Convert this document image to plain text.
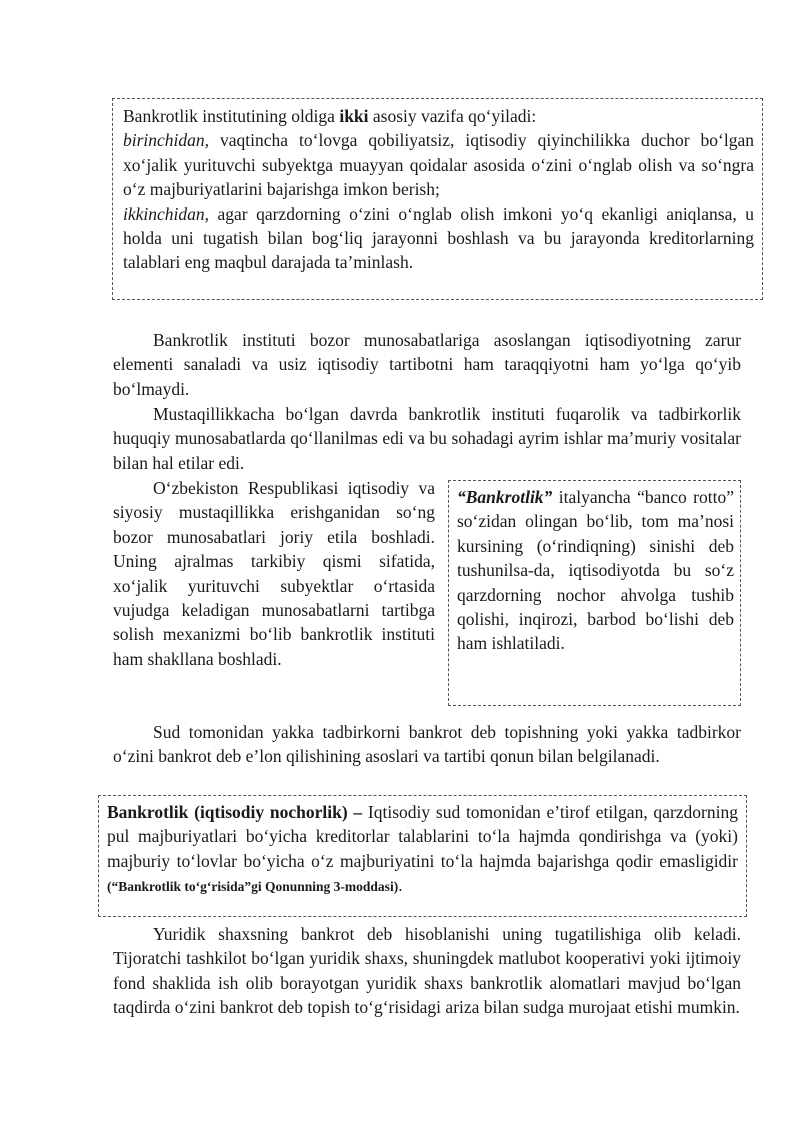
Bankrotlik institutining oldiga ikki asosiy vazifa qo‘yiladi:
birinchidan, vaqtincha to‘lovga qobiliyatsiz, iqtisodiy qiyinchilikka duchor bo‘lgan xo‘jalik yurituvchi subyektga muayyan qoidalar asosida o‘zini o‘nglab olish va so‘ngra o‘z majburiyatlarini bajarishga imkon berish;
ikkinchidan, agar qarzdorning o‘zini o‘nglab olish imkoni yo‘q ekanligi aniqlansa, u holda uni tugatish bilan bog‘liq jarayonni boshlash va bu jarayonda kreditorlarning talablari eng maqbul darajada ta’minlash.

Bankrotlik instituti bozor munosabatlariga asoslangan iqtisodiyotning zarur elementi sanaladi va usiz iqtisodiy tartibotni ham taraqqiyotni ham yo‘lga qo‘yib bo‘lmaydi.

Mustaqillikkacha bo‘lgan davrda bankrotlik instituti fuqarolik va tadbirkorlik huquqiy munosabatlarda qo‘llanilmas edi va bu sohadagi ayrim ishlar ma’muriy vositalar bilan hal etilar edi.

O‘zbekiston Respublikasi iqtisodiy va siyosiy mustaqillikka erishganidan so‘ng bozor munosabatlari joriy etila boshladi. Uning ajralmas tarkibiy qismi sifatida, xo‘jalik yurituvchi subyektlar o‘rtasida vujudga keladigan munosabatlarni tartibga solish mexanizmi bo‘lib bankrotlik instituti ham shakllana boshladi.

“Bankrotlik” italyancha “banco rotto” so‘zidan olingan bo‘lib, tom ma’nosi kursining (o‘rindiqning) sinishi deb tushunilsa-da, iqtisodiyotda bu so‘z qarzdorning nochor ahvolga tushib qolishi, inqirozi, barbod bo‘lishi deb ham ishlatiladi.

Sud tomonidan yakka tadbirkorni bankrot deb topishning yoki yakka tadbirkor o‘zini bankrot deb e’lon qilishining asoslari va tartibi qonun bilan belgilanadi.

Bankrotlik (iqtisodiy nochorlik) – Iqtisodiy sud tomonidan e’tirof etilgan, qarzdorning pul majburiyatlari bo‘yicha kreditorlar talablarini to‘la hajmda qondirishga va (yoki) majburiy to‘lovlar bo‘yicha o‘z majburiyatini to‘la hajmda bajarishga qodir emasligidir (“Bankrotlik to‘g‘risida”gi Qonunning 3-moddasi).

Yuridik shaxsning bankrot deb hisoblanishi uning tugatilishiga olib keladi. Tijoratchi tashkilot bo‘lgan yuridik shaxs, shuningdek matlubot kooperativi yoki ijtimoiy fond shaklida ish olib borayotgan yuridik shaxs bankrotlik alomatlari mavjud bo‘lgan taqdirda o‘zini bankrot deb topish to‘g‘risidagi ariza bilan sudga murojaat etishi mumkin.
